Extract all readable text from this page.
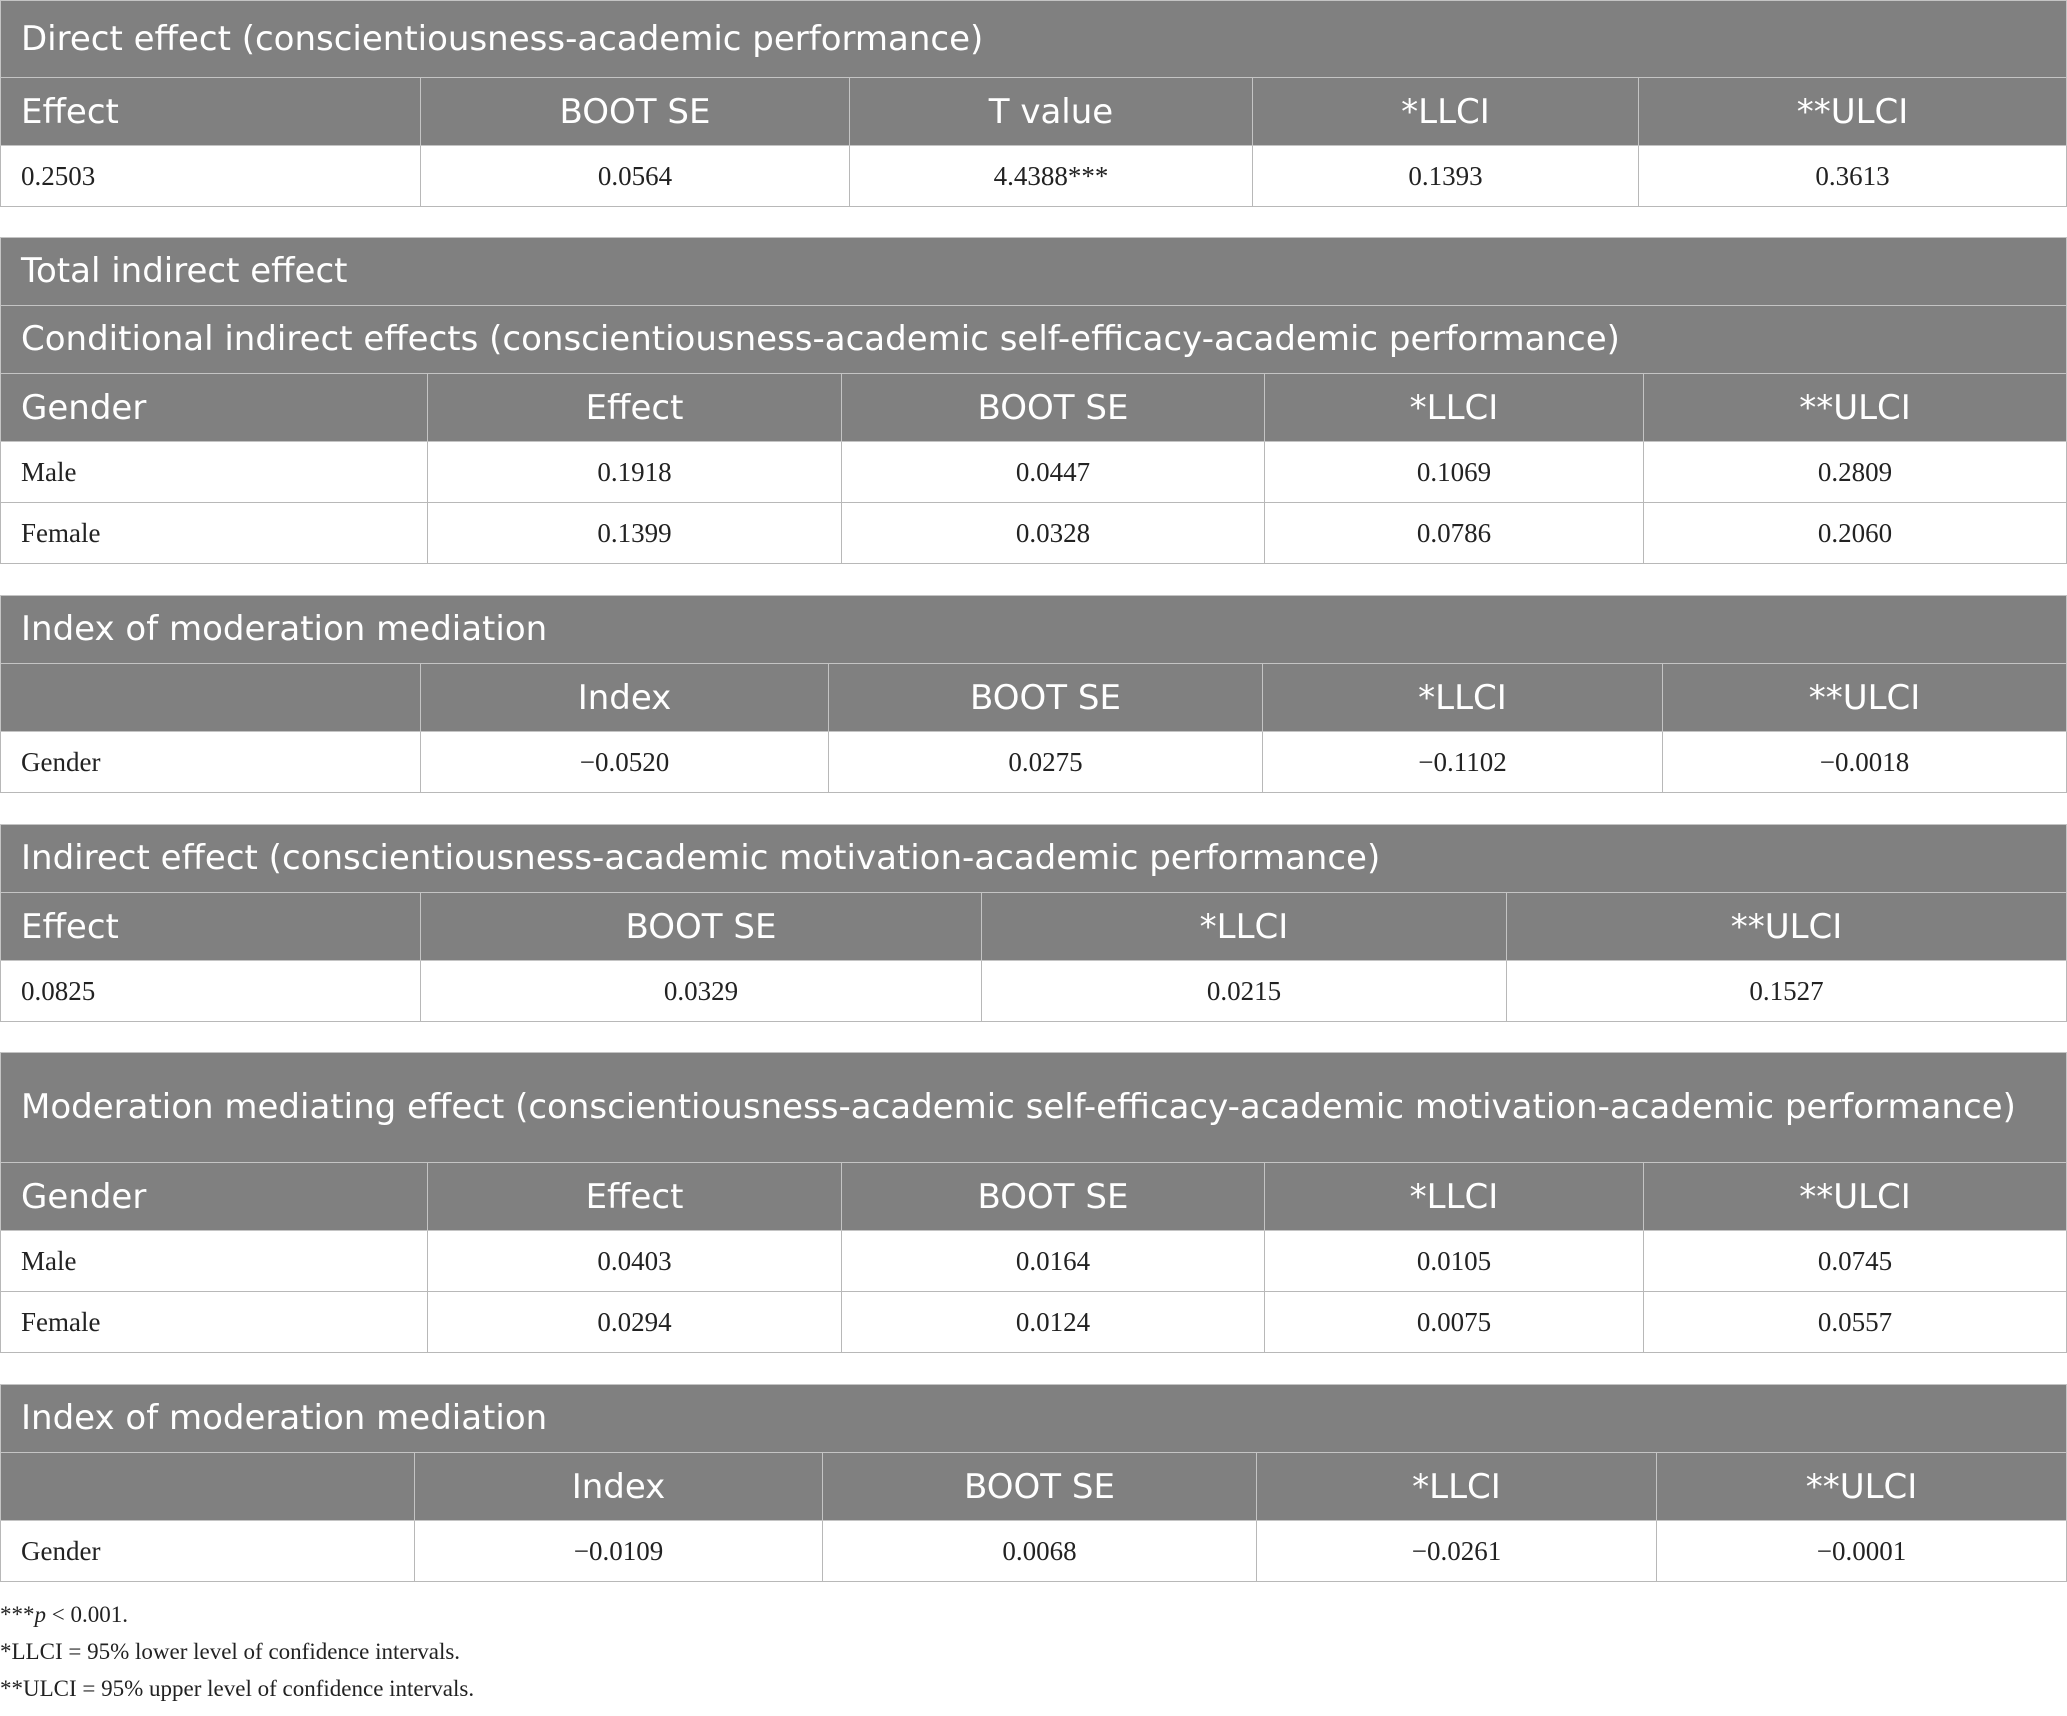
Direct effect (conscientiousness-academic performance)				
Effect	BOOT SE	T value	*LLCI	**ULCI
0.2503	0.0564	4.4388***	0.1393	0.3613
Total indirect effect				
Conditional indirect effects (conscientiousness-academic self-efficacy-academic performance)				
Gender	Effect	BOOT SE	*LLCI	**ULCI
Male	0.1918	0.0447	0.1069	0.2809
Female	0.1399	0.0328	0.0786	0.2060
Index of moderation mediation				
	Index	BOOT SE	*LLCI	**ULCI
Gender	−0.0520	0.0275	−0.1102	−0.0018
Indirect effect (conscientiousness-academic motivation-academic performance)			
Effect	BOOT SE	*LLCI	**ULCI
0.0825	0.0329	0.0215	0.1527
Moderation mediating effect (conscientiousness-academic self-efficacy-academic motivation-academic performance)				
Gender	Effect	BOOT SE	*LLCI	**ULCI
Male	0.0403	0.0164	0.0105	0.0745
Female	0.0294	0.0124	0.0075	0.0557
Index of moderation mediation				
	Index	BOOT SE	*LLCI	**ULCI
Gender	−0.0109	0.0068	−0.0261	−0.0001
***p < 0.001.
*LLCI = 95% lower level of confidence intervals.
**ULCI = 95% upper level of confidence intervals.
